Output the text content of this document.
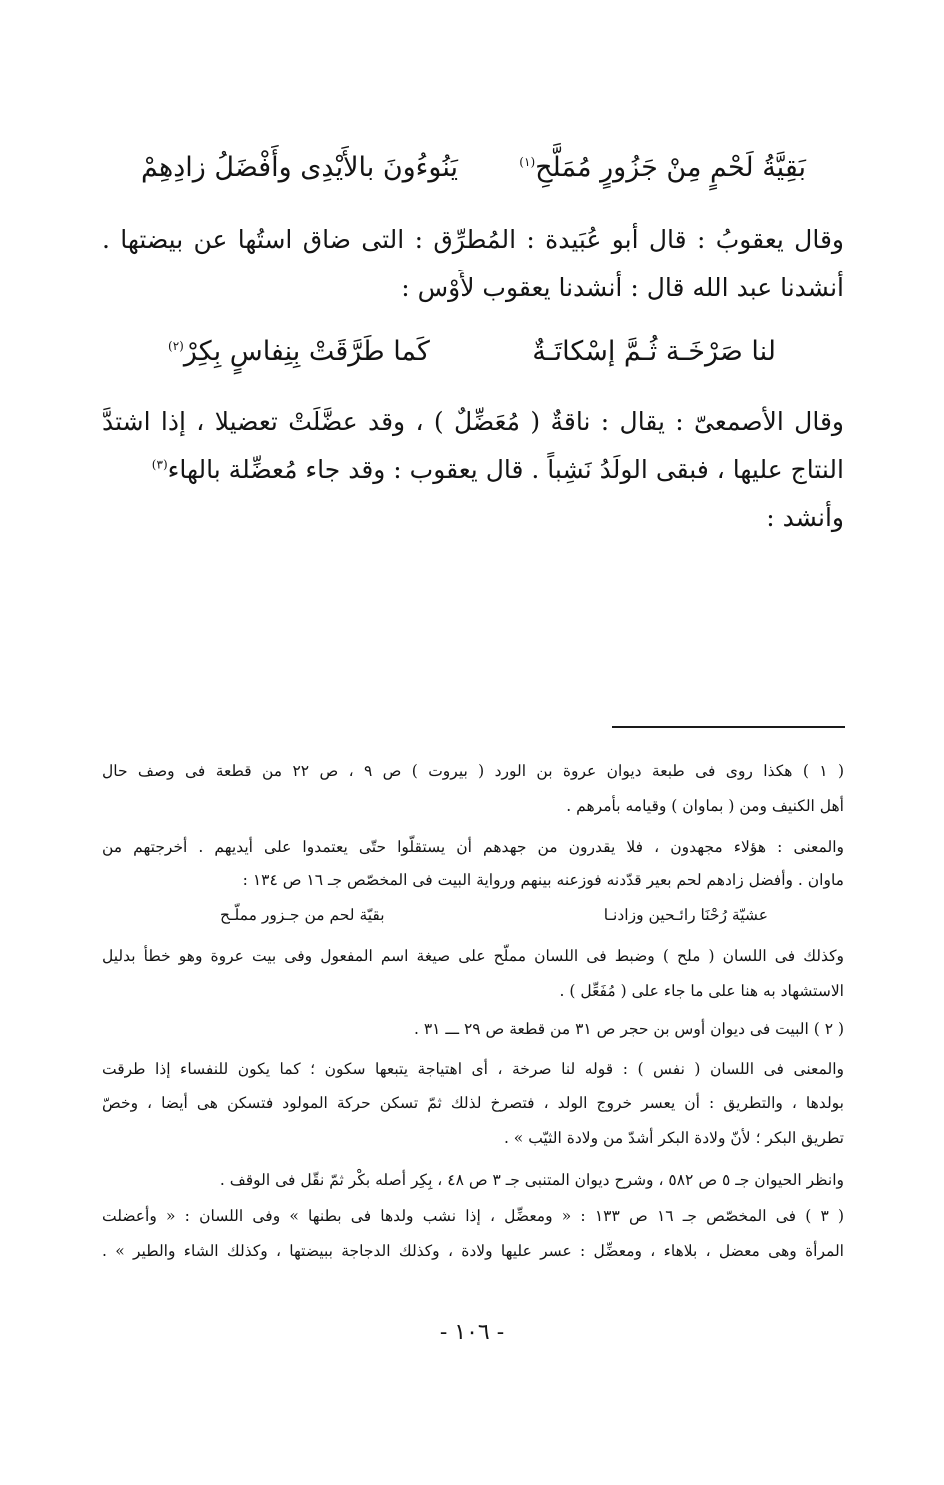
يَنُوءُونَ بالأَيْدِى وأَفْضَلُ زادِهِمْ	بَقِيَّةُ لَحْمٍ مِنْ جَزُورٍ مُمَلَّحِ$^{(١)}$
وقال يعقوبُ : قال أبو عُبَيدة : المُطرِّق : التى ضاق استُها عن بيضتها .
أنشدنا عبد الله قال : أنشدنا يعقوب لأَوْس :
لنا صَرْخَـة ثُـمَّ إسْكاتَـةٌ
كَما طَرَّقَتْ بِنِفاسٍ بِكِرْ$^{(٢)}$
وقال الأصمعىّ : يقال : ناقةٌ ( مُعَضِّلٌ ) ، وقد عضَّلَتْ تعضيلا ، إذا اشتدَّ
النتاج عليها ، فبقى الولَدُ نَشِباً . قال يعقوب : وقد جاء مُعضِّلة بالهاء$^{(٣)}$
وأنشد :
( ١ ) هكذا روى فى طبعة ديوان عروة بن الورد ( بيروت ) ص ٩ ، ص ٢٢ من قطعة فى وصف حال
أهل الكنيف ومن ( بماوان ) وقيامه بأمرهم .
والمعنى : هؤلاء مجهدون ، فلا يقدرون من جهدهم أن يستقلّوا حتّى يعتمدوا على أيديهم . أخرجتهم من
ماوان . وأفضل زادهم لحم بعير قدّدنه فوزعنه بينهم ورواية البيت فى المخصّص جـ ١٦ ص ١٣٤ :
عشيّة رُحْنَا رائـحين وزادنـا
بقيّة لحم من جـزور مملّـح
وكذلك فى اللسان ( ملح ) وضبط فى اللسان مملّح على صيغة اسم المفعول وفى بيت عروة وهو خطأ بدليل
الاستشهاد به هنا على ما جاء على ( مُفَعِّل ) .
( ٢ ) البيت فى ديوان أوس بن حجر ص ٣١ من قطعة ص ٢٩ ـــ ٣١ .
والمعنى فى اللسان ( نفس ) : قوله لنا صرخة ، أى اهتياجة يتبعها سكون ؛ كما يكون للنفساء إذا طرقت
بولدها ، والتطريق : أن يعسر خروج الولد ، فتصرخ لذلك ثمّ تسكن حركة المولود فتسكن هى أيضا ، وخصّ
تطريق البكر ؛ لأنّ ولادة البكر أشدّ من ولادة الثيّب » .
وانظر الحيوان جـ ٥ ص ٥٨٢ ، وشرح ديوان المتنبى جـ ٣ ص ٤٨ ، بِكِر أصله بكْر ثمّ نقّل فى الوقف .
( ٣ ) فى المخصّص جـ ١٦ ص ١٣٣ : « ومعضِّل ، إذا نشب ولدها فى بطنها » وفى اللسان : « وأعضلت
المرأة وهى معضل ، بلاهاء ، ومعضِّل : عسر عليها ولادة ، وكذلك الدجاجة ببيضتها ، وكذلك الشاء والطير » .
- ١٠٦ -
